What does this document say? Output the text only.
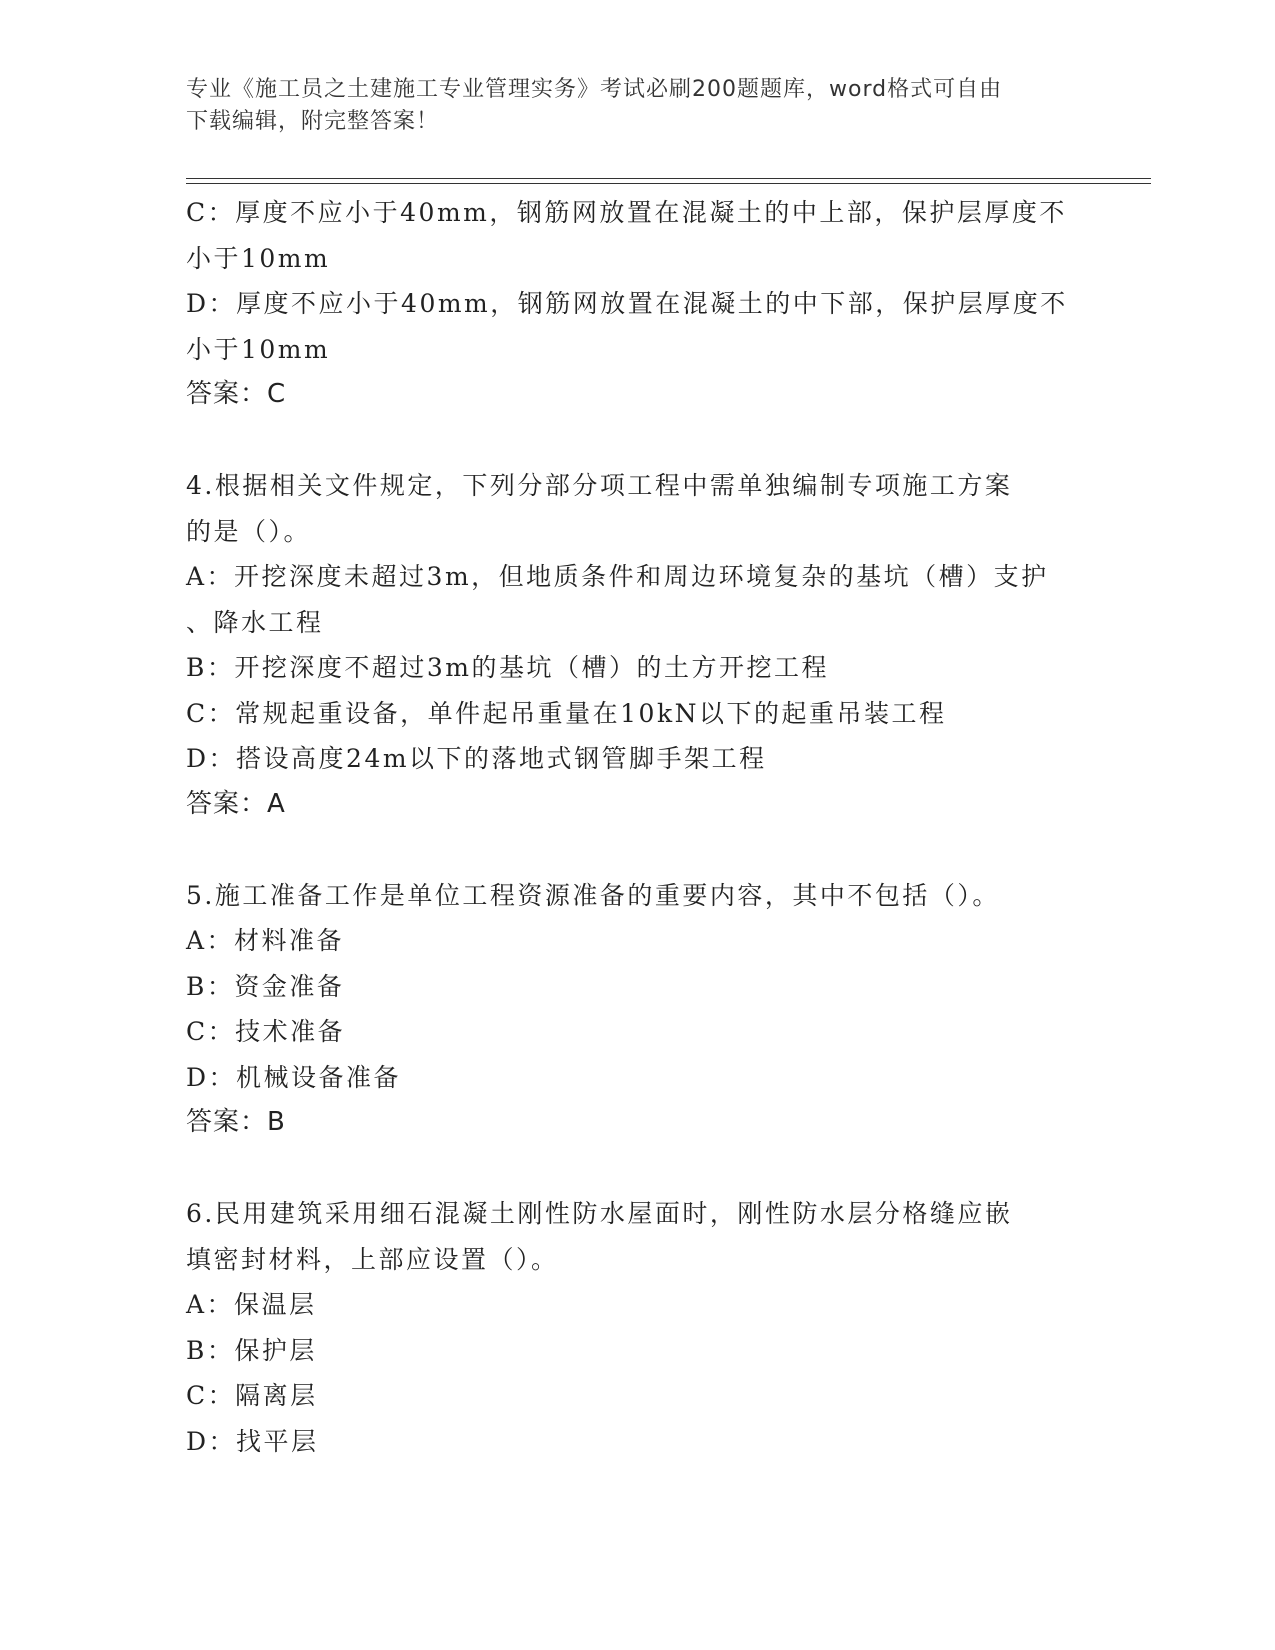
专业《施工员之土建施工专业管理实务》考试必刷200题题库，word格式可自由
下载编辑，附完整答案！
C：厚度不应小于40mm，钢筋网放置在混凝土的中上部，保护层厚度不
小于10mm
D：厚度不应小于40mm，钢筋网放置在混凝土的中下部，保护层厚度不
小于10mm
答案：C
4.根据相关文件规定，下列分部分项工程中需单独编制专项施工方案
的是（）。
A：开挖深度未超过3m，但地质条件和周边环境复杂的基坑（槽）支护
、降水工程
B：开挖深度不超过3m的基坑（槽）的土方开挖工程
C：常规起重设备，单件起吊重量在10kN以下的起重吊装工程
D：搭设高度24m以下的落地式钢管脚手架工程
答案：A
5.施工准备工作是单位工程资源准备的重要内容，其中不包括（）。
A：材料准备
B：资金准备
C：技术准备
D：机械设备准备
答案：B
6.民用建筑采用细石混凝土刚性防水屋面时，刚性防水层分格缝应嵌
填密封材料，上部应设置（）。
A：保温层
B：保护层
C：隔离层
D：找平层
